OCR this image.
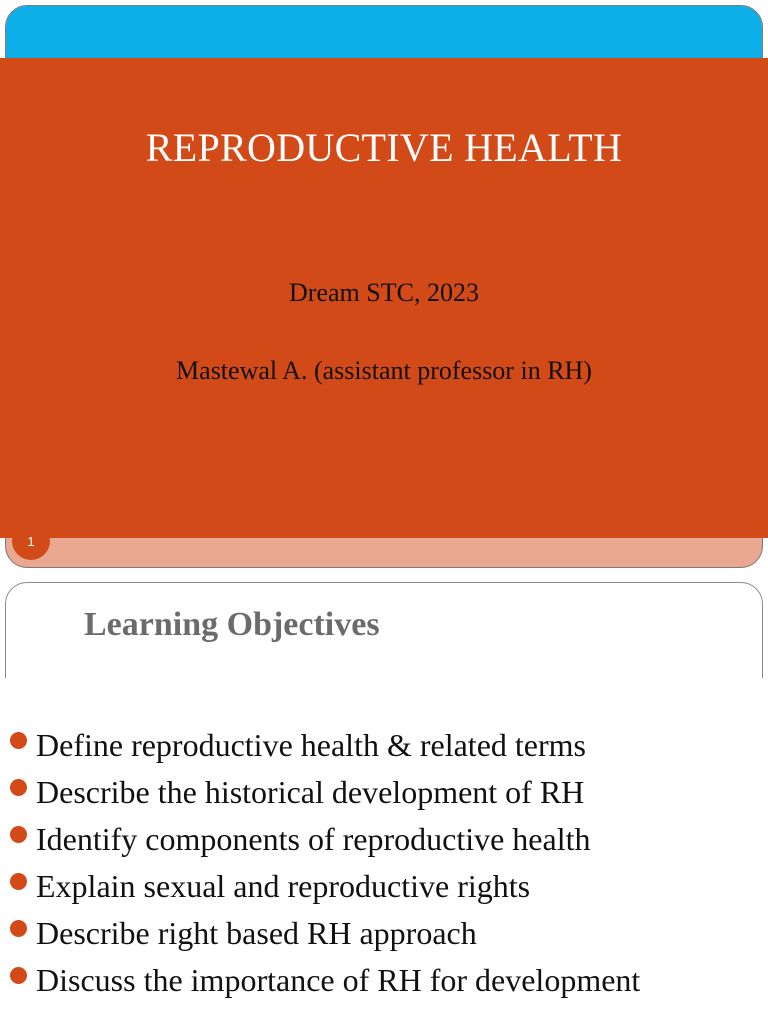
REPRODUCTIVE HEALTH
Dream STC, 2023
Mastewal A. (assistant professor in RH)
1
Learning Objectives
Define reproductive health & related terms
Describe the historical development of RH
Identify components of reproductive health
Explain sexual and reproductive rights
Describe right based RH approach
Discuss the importance of RH for development
